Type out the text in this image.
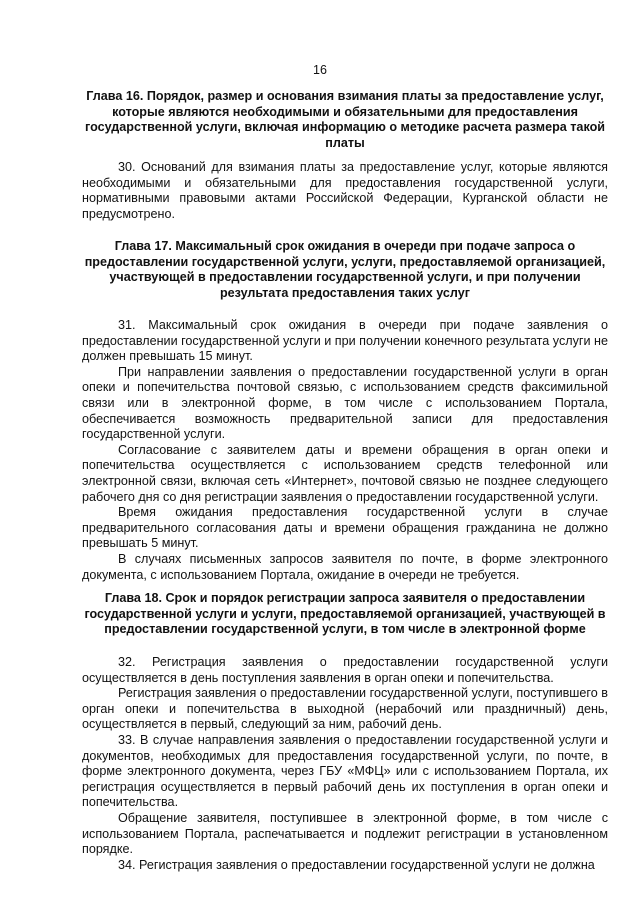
16

Глава 16. Порядок, размер и основания взимания платы за предоставление услуг, которые являются необходимыми и обязательными для предоставления государственной услуги, включая информацию о методике расчета размера такой платы

30. Оснований для взимания платы за предоставление услуг, которые являются необходимыми и обязательными для предоставления государственной услуги, нормативными правовыми актами Российской Федерации, Курганской области не предусмотрено.

Глава 17. Максимальный срок ожидания в очереди при подаче запроса о предоставлении государственной услуги, услуги, предоставляемой организацией, участвующей в предоставлении государственной услуги, и при получении результата предоставления таких услуг

31. Максимальный срок ожидания в очереди при подаче заявления о предоставлении государственной услуги и при получении конечного результата услуги не должен превышать 15 минут.

При направлении заявления о предоставлении государственной услуги в орган опеки и попечительства почтовой связью, с использованием средств факсимильной связи или в электронной форме, в том числе с использованием Портала, обеспечивается возможность предварительной записи для предоставления государственной услуги.

Согласование с заявителем даты и времени обращения в орган опеки и попечительства осуществляется с использованием средств телефонной или электронной связи, включая сеть «Интернет», почтовой связью не позднее следующего рабочего дня со дня регистрации заявления о предоставлении государственной услуги.

Время ожидания предоставления государственной услуги в случае предварительного согласования даты и времени обращения гражданина не должно превышать 5 минут.

В случаях письменных запросов заявителя по почте, в форме электронного документа, с использованием Портала, ожидание в очереди не требуется.

Глава 18. Срок и порядок регистрации запроса заявителя о предоставлении государственной услуги и услуги, предоставляемой организацией, участвующей в предоставлении государственной услуги, в том числе в электронной форме

32. Регистрация заявления о предоставлении государственной услуги осуществляется в день поступления заявления в орган опеки и попечительства.

Регистрация заявления о предоставлении государственной услуги, поступившего в орган опеки и попечительства в выходной (нерабочий или праздничный) день, осуществляется в первый, следующий за ним, рабочий день.

33. В случае направления заявления о предоставлении государственной услуги и документов, необходимых для предоставления государственной услуги, по почте, в форме электронного документа, через ГБУ «МФЦ» или с использованием Портала, их регистрация осуществляется в первый рабочий день их поступления в орган опеки и попечительства.

Обращение заявителя, поступившее в электронной форме, в том числе с использованием Портала, распечатывается и подлежит регистрации в установленном порядке.

34. Регистрация заявления о предоставлении государственной услуги не должна
